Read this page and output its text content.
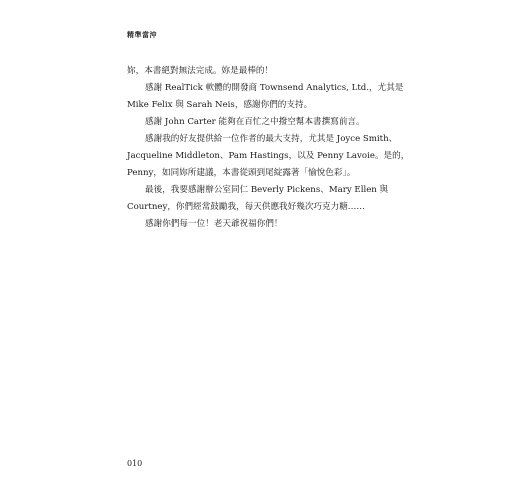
精準當沖

妳，本書絕對無法完成。妳是最棒的！

感謝 RealTick 軟體的開發商 Townsend Analytics, Ltd.，尤其是
Mike Felix 與 Sarah Neis，感謝你們的支持。

感謝 John Carter 能夠在百忙之中撥空幫本書撰寫前言。

感謝我的好友提供給一位作者的最大支持，尤其是 Joyce Smith、
Jacqueline Middleton、Pam Hastings，以及 Penny Lavoie。是的，
Penny，如同妳所建議，本書從頭到尾綻露著「愉悅色彩」。

最後，我要感謝辦公室同仁 Beverly Pickens、Mary Ellen 與
Courtney，你們經常鼓勵我，每天供應我好幾次巧克力糖……

感謝你們每一位！老天爺祝福你們！

010
